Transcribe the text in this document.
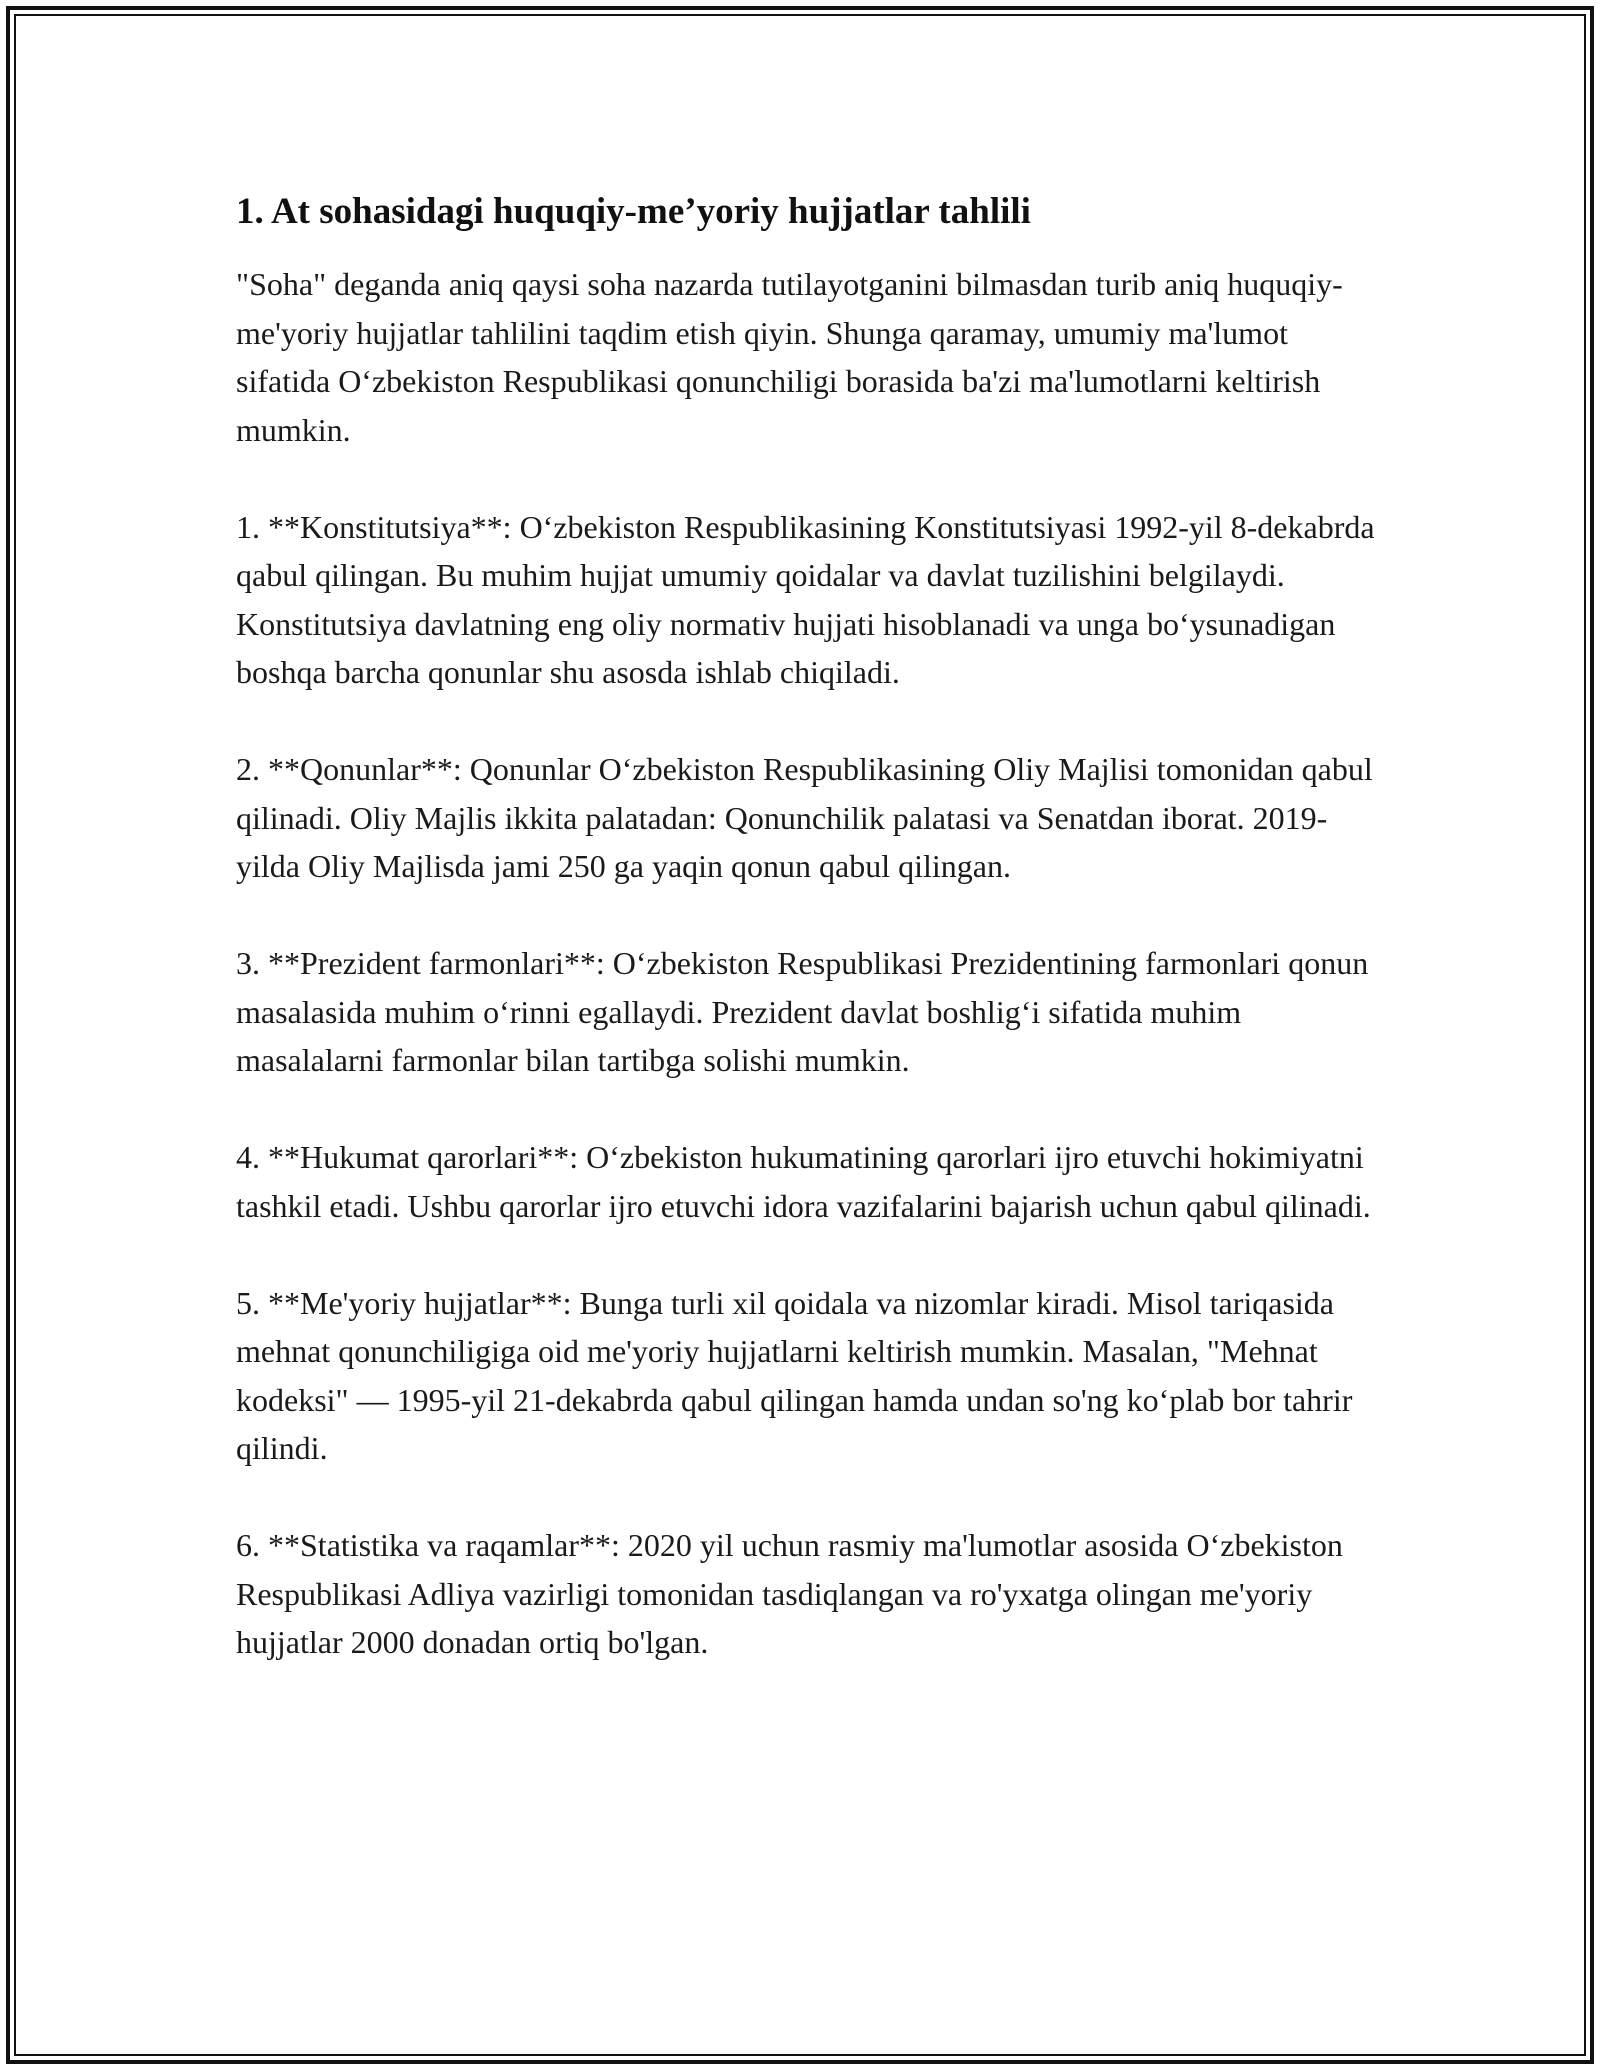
1. At sohasidagi huquqiy-me’yoriy hujjatlar tahlili

"Soha" deganda aniq qaysi soha nazarda tutilayotganini bilmasdan turib aniq huquqiy-me'yoriy hujjatlar tahlilini taqdim etish qiyin. Shunga qaramay, umumiy ma'lumot sifatida O‘zbekiston Respublikasi qonunchiligi borasida ba'zi ma'lumotlarni keltirish mumkin.

1. **Konstitutsiya**: O‘zbekiston Respublikasining Konstitutsiyasi 1992-yil 8-dekabrda qabul qilingan. Bu muhim hujjat umumiy qoidalar va davlat tuzilishini belgilaydi. Konstitutsiya davlatning eng oliy normativ hujjati hisoblanadi va unga bo‘ysunadigan boshqa barcha qonunlar shu asosda ishlab chiqiladi.

2. **Qonunlar**: Qonunlar O‘zbekiston Respublikasining Oliy Majlisi tomonidan qabul qilinadi. Oliy Majlis ikkita palatadan: Qonunchilik palatasi va Senatdan iborat. 2019-yilda Oliy Majlisda jami 250 ga yaqin qonun qabul qilingan.

3. **Prezident farmonlari**: O‘zbekiston Respublikasi Prezidentining farmonlari qonun masalasida muhim o‘rinni egallaydi. Prezident davlat boshlig‘i sifatida muhim masalalarni farmonlar bilan tartibga solishi mumkin.

4. **Hukumat qarorlari**: O‘zbekiston hukumatining qarorlari ijro etuvchi hokimiyatni tashkil etadi. Ushbu qarorlar ijro etuvchi idora vazifalarini bajarish uchun qabul qilinadi.

5. **Me'yoriy hujjatlar**: Bunga turli xil qoidala va nizomlar kiradi. Misol tariqasida mehnat qonunchiligiga oid me'yoriy hujjatlarni keltirish mumkin. Masalan, "Mehnat kodeksi" — 1995-yil 21-dekabrda qabul qilingan hamda undan so'ng ko‘plab bor tahrir qilindi.

6. **Statistika va raqamlar**: 2020 yil uchun rasmiy ma'lumotlar asosida O‘zbekiston Respublikasi Adliya vazirligi tomonidan tasdiqlangan va ro'yxatga olingan me'yoriy hujjatlar 2000 donadan ortiq bo'lgan.
